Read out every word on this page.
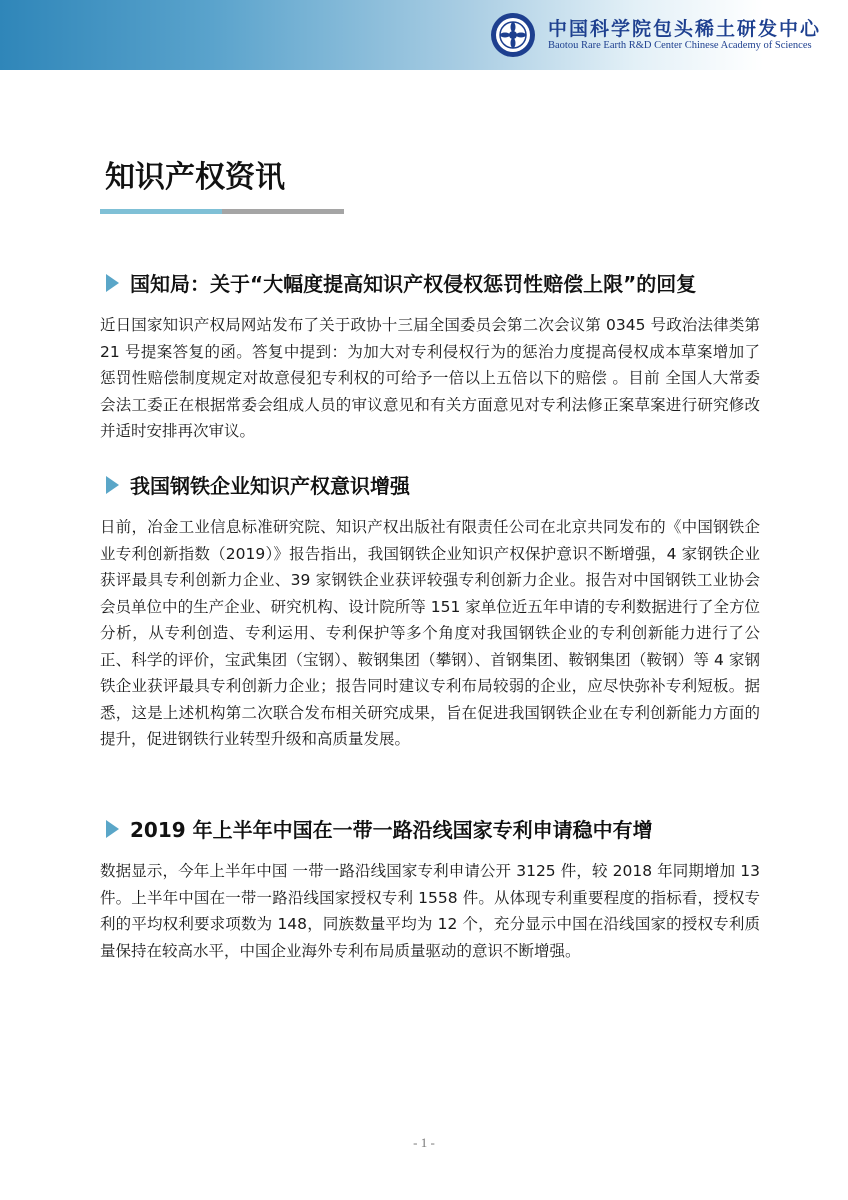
中国科学院包头稀土研发中心
Baotou Rare Earth R&D Center Chinese Academy of Sciences
知识产权资讯
国知局：关于“大幅度提高知识产权侵权惩罚性赔偿上限”的回复
近日国家知识产权局网站发布了关于政协十三届全国委员会第二次会议第 0345 号政治法律类第 21 号提案答复的函。答复中提到：为加大对专利侵权行为的惩治力度提高侵权成本草案增加了惩罚性赔偿制度规定对故意侵犯专利权的可给予一倍以上五倍以下的赔偿 。目前 全国人大常委会法工委正在根据常委会组成人员的审议意见和有关方面意见对专利法修正案草案进行研究修改并适时安排再次审议。
我国钢铁企业知识产权意识增强
日前，冶金工业信息标准研究院、知识产权出版社有限责任公司在北京共同发布的《中国钢铁企业专利创新指数（2019）》报告指出，我国钢铁企业知识产权保护意识不断增强，4 家钢铁企业获评最具专利创新力企业、39 家钢铁企业获评较强专利创新力企业。报告对中国钢铁工业协会会员单位中的生产企业、研究机构、设计院所等 151 家单位近五年申请的专利数据进行了全方位分析，从专利创造、专利运用、专利保护等多个角度对我国钢铁企业的专利创新能力进行了公正、科学的评价，宝武集团（宝钢）、鞍钢集团（攀钢）、首钢集团、鞍钢集团（鞍钢）等 4 家钢铁企业获评最具专利创新力企业；报告同时建议专利布局较弱的企业，应尽快弥补专利短板。据悉，这是上述机构第二次联合发布相关研究成果，旨在促进我国钢铁企业在专利创新能力方面的提升，促进钢铁行业转型升级和高质量发展。
2019 年上半年中国在一带一路沿线国家专利申请稳中有增
数据显示，今年上半年中国 一带一路沿线国家专利申请公开 3125 件，较 2018 年同期增加 13 件。上半年中国在一带一路沿线国家授权专利 1558 件。从体现专利重要程度的指标看，授权专利的平均权利要求项数为 148，同族数量平均为 12 个，充分显示中国在沿线国家的授权专利质量保持在较高水平，中国企业海外专利布局质量驱动的意识不断增强。
- 1 -
